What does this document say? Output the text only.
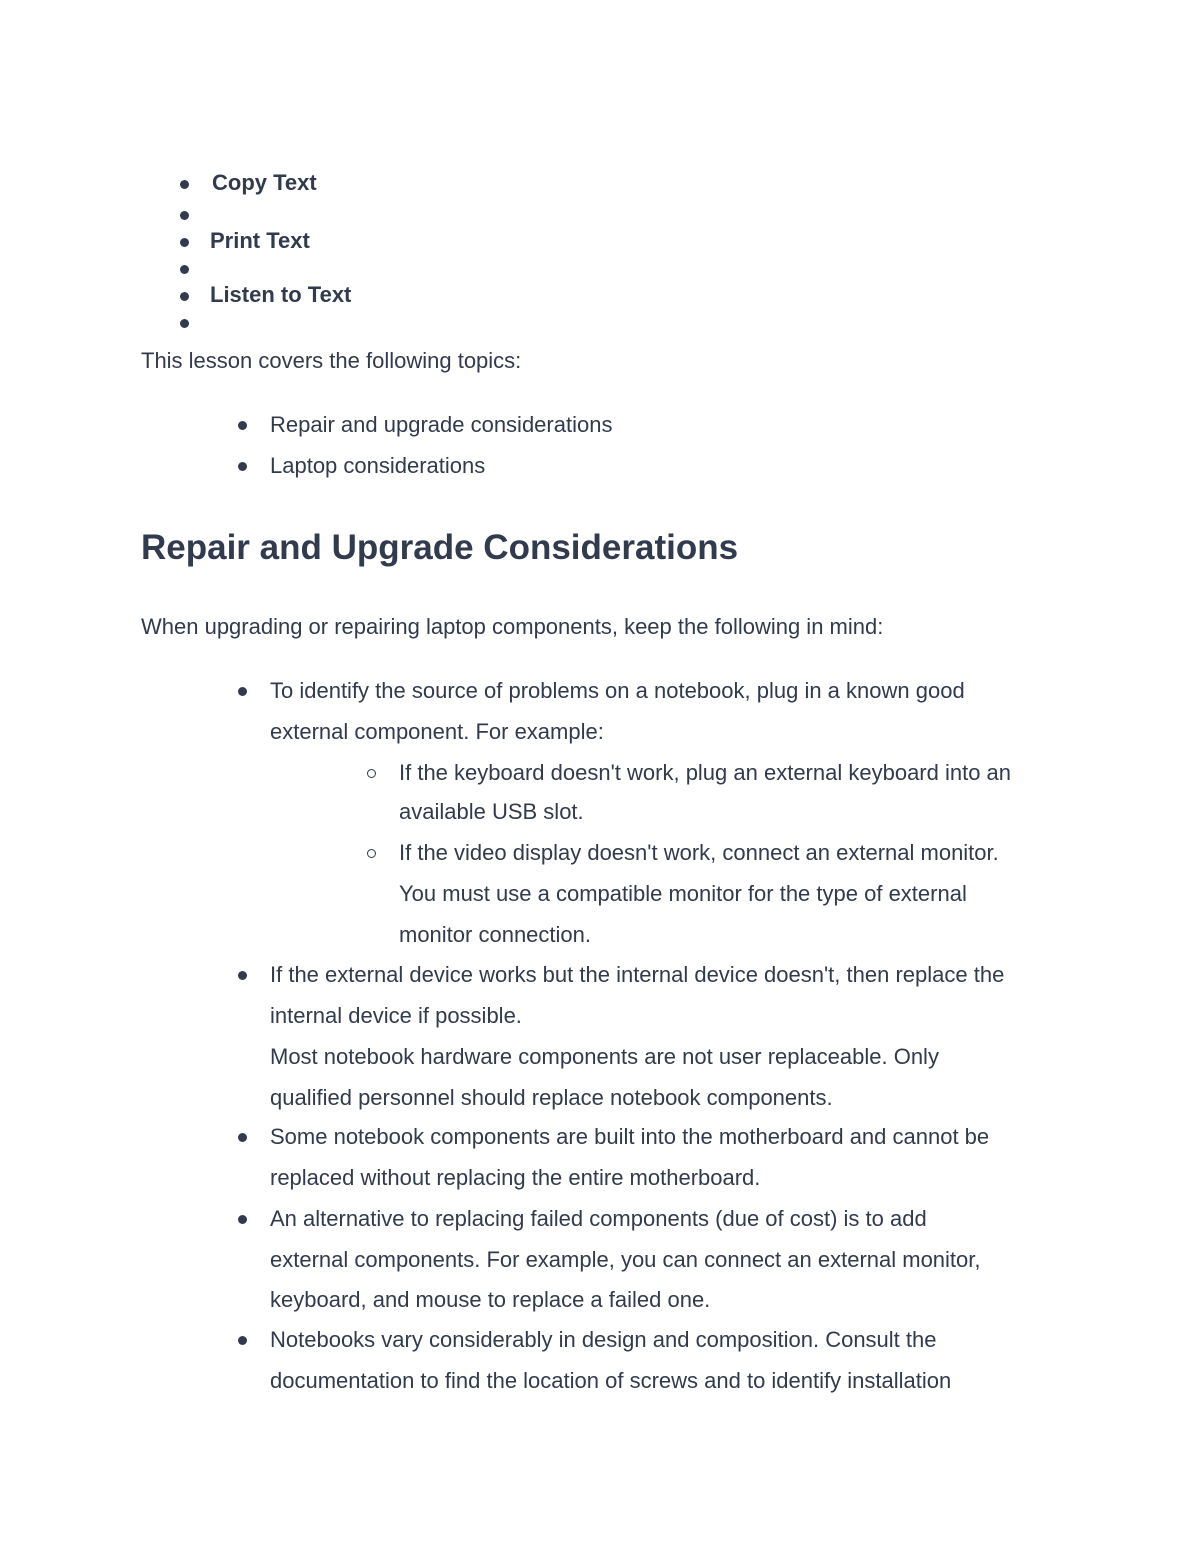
Copy Text
Print Text
Listen to Text
This lesson covers the following topics:
Repair and upgrade considerations
Laptop considerations
Repair and Upgrade Considerations
When upgrading or repairing laptop components, keep the following in mind:
To identify the source of problems on a notebook, plug in a known good
external component. For example:
If the keyboard doesn't work, plug an external keyboard into an
available USB slot.
If the video display doesn't work, connect an external monitor.
You must use a compatible monitor for the type of external
monitor connection.
If the external device works but the internal device doesn't, then replace the
internal device if possible.
Most notebook hardware components are not user replaceable. Only
qualified personnel should replace notebook components.
Some notebook components are built into the motherboard and cannot be
replaced without replacing the entire motherboard.
An alternative to replacing failed components (due of cost) is to add
external components. For example, you can connect an external monitor,
keyboard, and mouse to replace a failed one.
Notebooks vary considerably in design and composition. Consult the
documentation to find the location of screws and to identify installation
